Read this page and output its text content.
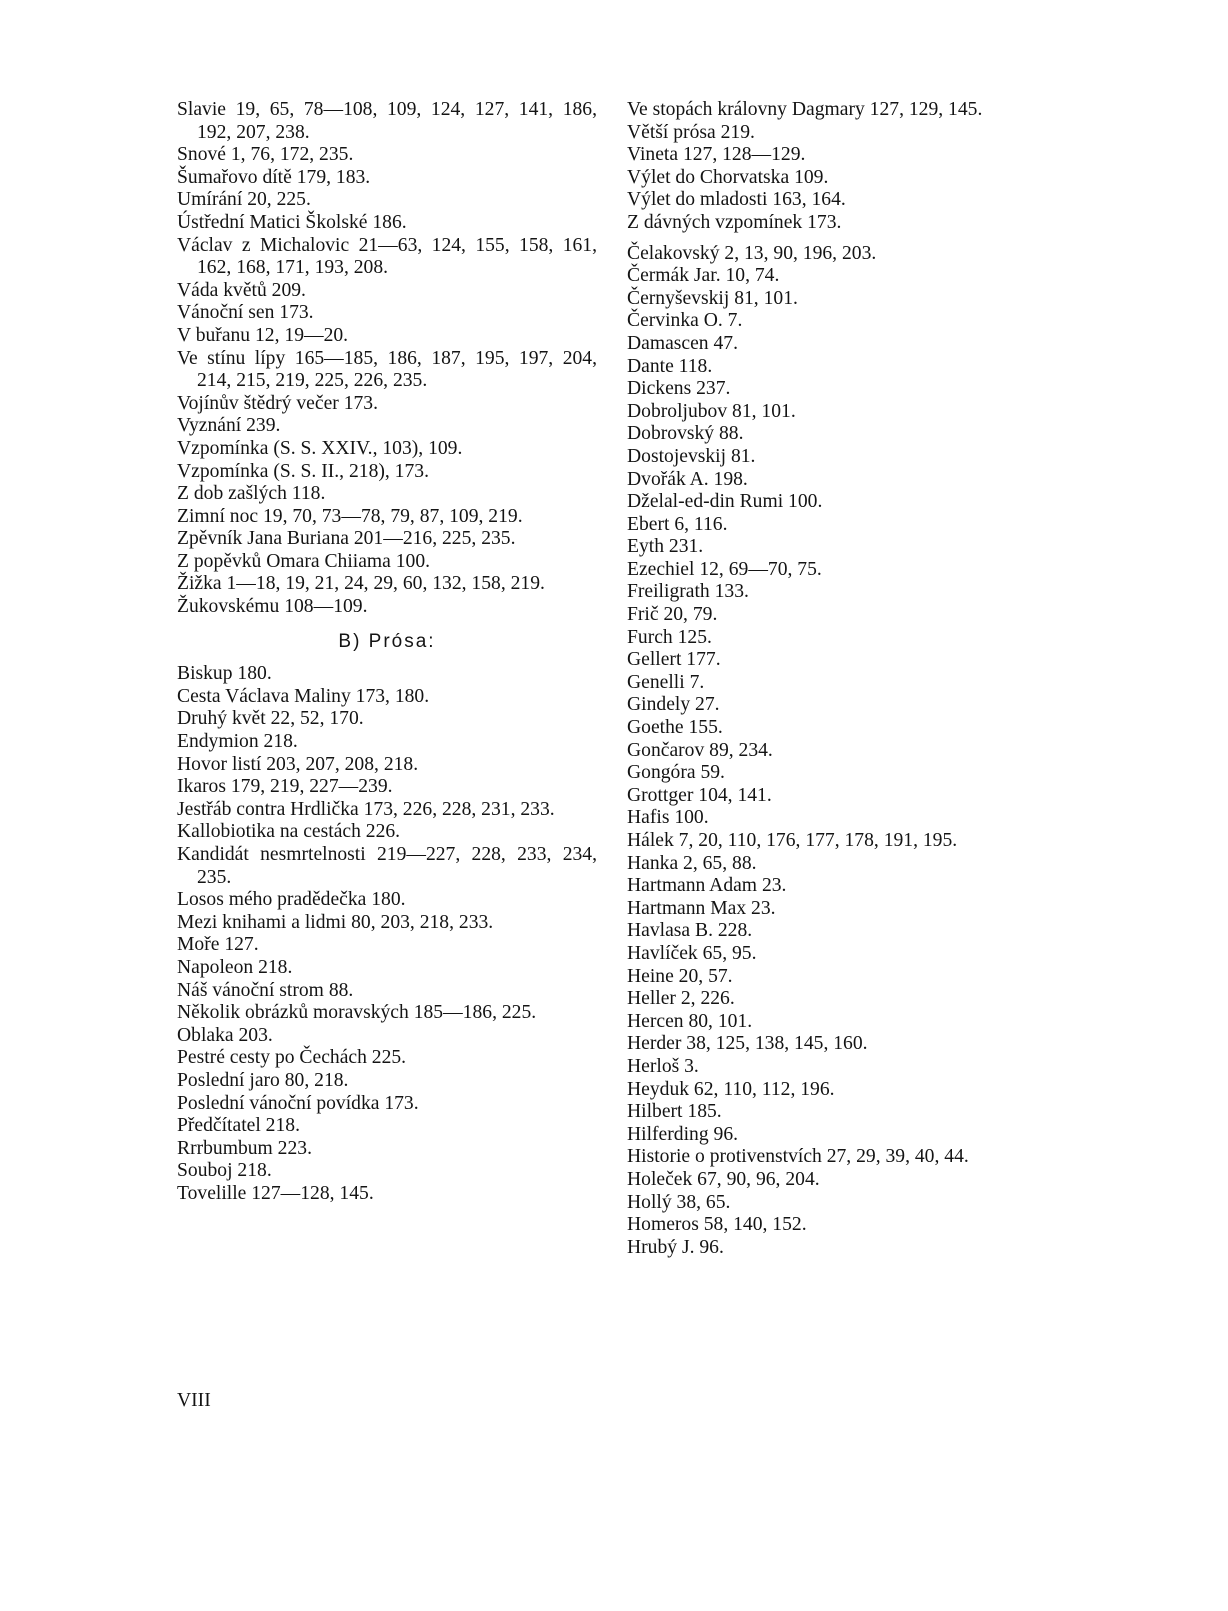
Slavie 19, 65, 78—108, 109, 124, 127, 141, 186, 192, 207, 238.

Snové 1, 76, 172, 235.

Šumařovo dítě 179, 183.

Umírání 20, 225.

Ústřední Matici Školské 186.

Václav z Michalovic 21—63, 124, 155, 158, 161, 162, 168, 171, 193, 208.

Váda květů 209.

Vánoční sen 173.

V buřanu 12, 19—20.

Ve stínu lípy 165—185, 186, 187, 195, 197, 204, 214, 215, 219, 225, 226, 235.

Vojínův štědrý večer 173.

Vyznání 239.

Vzpomínka (S. S. XXIV., 103), 109.

Vzpomínka (S. S. II., 218), 173.

Z dob zašlých 118.

Zimní noc 19, 70, 73—78, 79, 87, 109, 219.

Zpěvník Jana Buriana 201—216, 225, 235.

Z popěvků Omara Chiiama 100.

Žižka 1—18, 19, 21, 24, 29, 60, 132, 158, 219.

Žukovskému 108—109.

B) Prósa:

Biskup 180.

Cesta Václava Maliny 173, 180.

Druhý květ 22, 52, 170.

Endymion 218.

Hovor listí 203, 207, 208, 218.

Ikaros 179, 219, 227—239.

Jestřáb contra Hrdlička 173, 226, 228, 231, 233.

Kallobiotika na cestách 226.

Kandidát nesmrtelnosti 219—227, 228, 233, 234, 235.

Losos mého pradědečka 180.

Mezi knihami a lidmi 80, 203, 218, 233.

Moře 127.

Napoleon 218.

Náš vánoční strom 88.

Několik obrázků moravských 185—186, 225.

Oblaka 203.

Pestré cesty po Čechách 225.

Poslední jaro 80, 218.

Poslední vánoční povídka 173.

Předčítatel 218.

Rrrbumbum 223.

Souboj 218.

Tovelille 127—128, 145.

Ve stopách královny Dagmary 127, 129, 145.

Větší prósa 219.

Vineta 127, 128—129.

Výlet do Chorvatska 109.

Výlet do mladosti 163, 164.

Z dávných vzpomínek 173.

Čelakovský 2, 13, 90, 196, 203.

Čermák Jar. 10, 74.

Černyševskij 81, 101.

Červinka O. 7.

Damascen 47.

Dante 118.

Dickens 237.

Dobroljubov 81, 101.

Dobrovský 88.

Dostojevskij 81.

Dvořák A. 198.

Dželal-ed-din Rumi 100.

Ebert 6, 116.

Eyth 231.

Ezechiel 12, 69—70, 75.

Freiligrath 133.

Frič 20, 79.

Furch 125.

Gellert 177.

Genelli 7.

Gindely 27.

Goethe 155.

Gončarov 89, 234.

Gongóra 59.

Grottger 104, 141.

Hafis 100.

Hálek 7, 20, 110, 176, 177, 178, 191, 195.

Hanka 2, 65, 88.

Hartmann Adam 23.

Hartmann Max 23.

Havlasa B. 228.

Havlíček 65, 95.

Heine 20, 57.

Heller 2, 226.

Hercen 80, 101.

Herder 38, 125, 138, 145, 160.

Herloš 3.

Heyduk 62, 110, 112, 196.

Hilbert 185.

Hilferding 96.

Historie o protivenstvích 27, 29, 39, 40, 44.

Holeček 67, 90, 96, 204.

Hollý 38, 65.

Homeros 58, 140, 152.

Hrubý J. 96.

VIII
